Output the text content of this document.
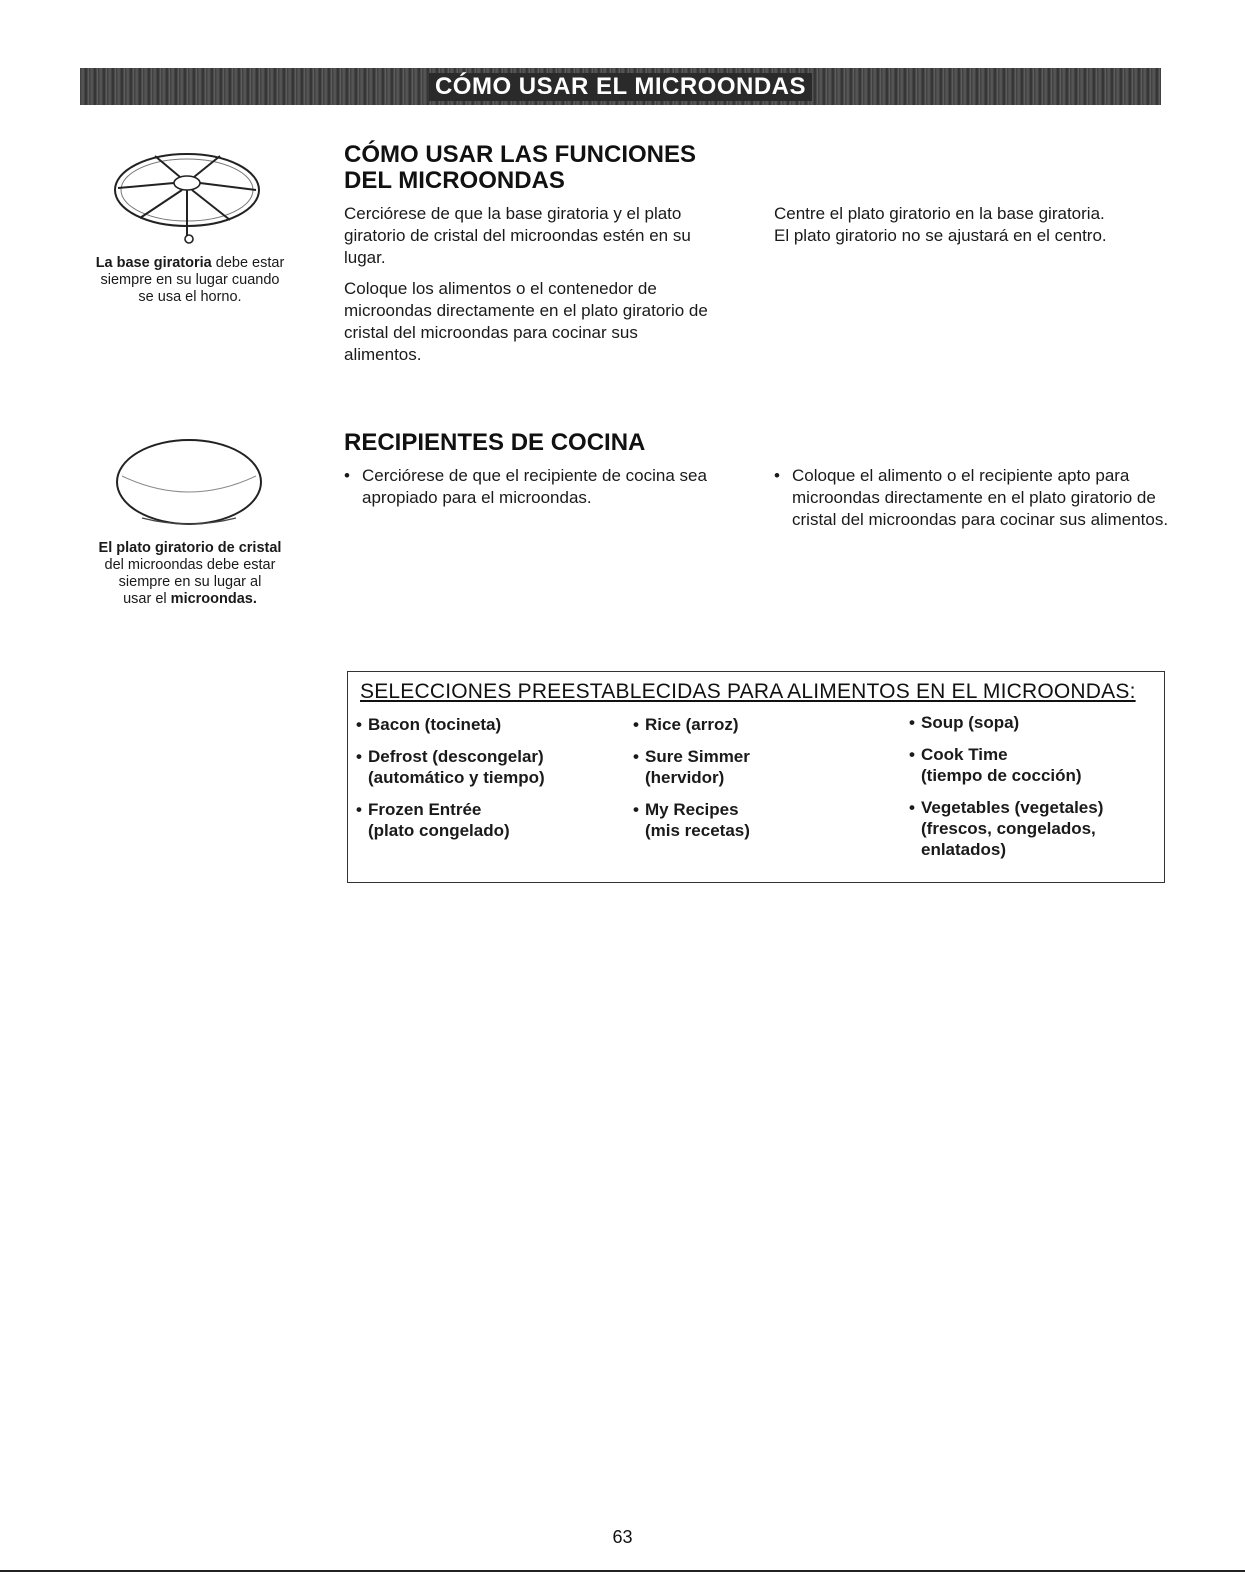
CÓMO USAR EL MICROONDAS
La base giratoria debe estar
siempre en su lugar cuando
se usa el horno.
CÓMO USAR LAS FUNCIONES
DEL MICROONDAS

Cerciórese de que la base giratoria y el plato giratorio de cristal del microondas estén en su lugar.

Coloque los alimentos o el contenedor de microondas directamente en el plato giratorio de cristal del microondas para cocinar sus alimentos.

Centre el plato giratorio en la base giratoria.
El plato giratorio no se ajustará en el centro.
El plato giratorio de cristal
del microondas debe estar
siempre en su lugar al
usar el microondas.
RECIPIENTES DE COCINA
• Cerciórese de que el recipiente de cocina sea apropiado para el microondas.
• Coloque el alimento o el recipiente apto para microondas directamente en el plato giratorio de cristal del microondas para cocinar sus alimentos.
SELECCIONES PREESTABLECIDAS PARA ALIMENTOS EN EL MICROONDAS:
• Bacon (tocineta)
• Defrost (descongelar)
(automático y tiempo)
• Frozen Entrée
(plato congelado)
• Rice (arroz)
• Sure Simmer
(hervidor)
• My Recipes
(mis recetas)
• Soup (sopa)
• Cook Time
(tiempo de cocción)
• Vegetables (vegetales)
(frescos, congelados,
enlatados)
63
